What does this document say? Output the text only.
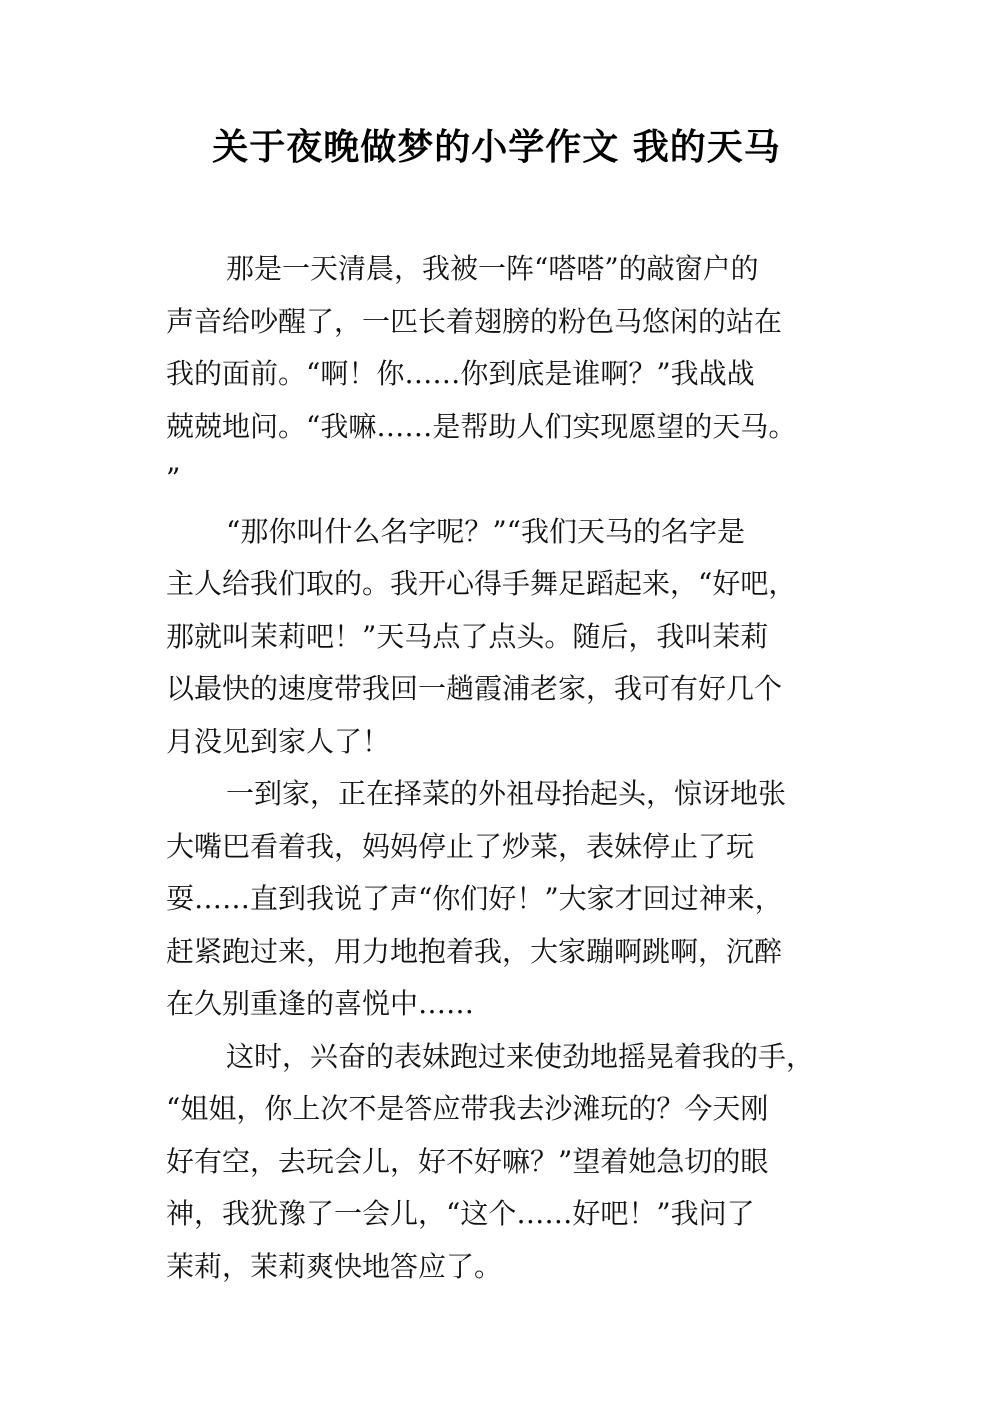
关于夜晚做梦的小学作文 我的天马
那是一天清晨，我被一阵“嗒嗒”的敲窗户的
声音给吵醒了，一匹长着翅膀的粉色马悠闲的站在
我的面前。“啊！你……你到底是谁啊？”我战战
兢兢地问。“我嘛……是帮助人们实现愿望的天马。
”
“那你叫什么名字呢？”“我们天马的名字是
主人给我们取的。我开心得手舞足蹈起来，“好吧，
那就叫茉莉吧！”天马点了点头。随后，我叫茉莉
以最快的速度带我回一趟霞浦老家，我可有好几个
月没见到家人了！
一到家，正在择菜的外祖母抬起头，惊讶地张
大嘴巴看着我，妈妈停止了炒菜，表妹停止了玩
耍……直到我说了声“你们好！”大家才回过神来，
赶紧跑过来，用力地抱着我，大家蹦啊跳啊，沉醉
在久别重逢的喜悦中……
这时，兴奋的表妹跑过来使劲地摇晃着我的手，
“姐姐，你上次不是答应带我去沙滩玩的？今天刚
好有空，去玩会儿，好不好嘛？”望着她急切的眼
神，我犹豫了一会儿，“这个……好吧！”我问了
茉莉，茉莉爽快地答应了。
